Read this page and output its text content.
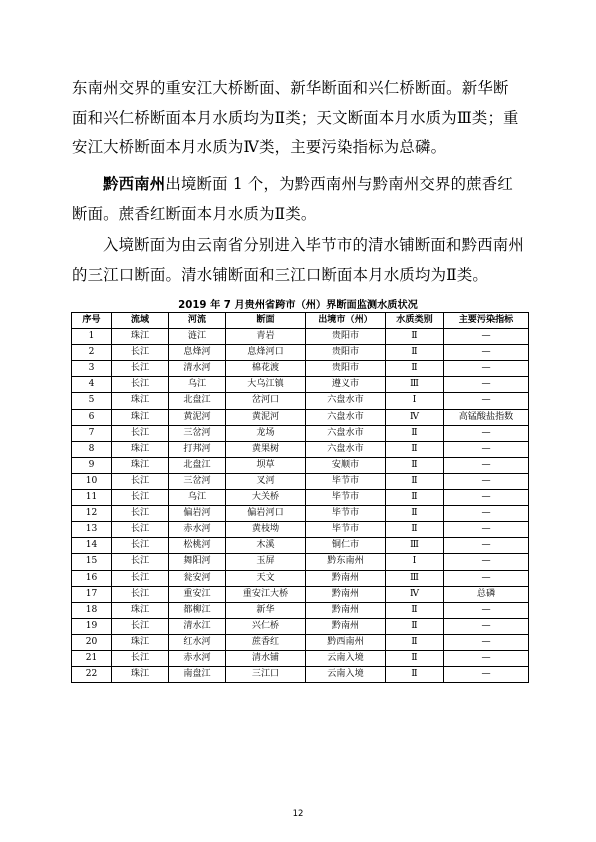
东南州交界的重安江大桥断面、新华断面和兴仁桥断面。新华断面和兴仁桥断面本月水质均为Ⅱ类；天文断面本月水质为Ⅲ类；重安江大桥断面本月水质为Ⅳ类，主要污染指标为总磷。

黔西南州出境断面 1 个，为黔西南州与黔南州交界的蔗香红断面。蔗香红断面本月水质为Ⅱ类。

入境断面为由云南省分别进入毕节市的清水铺断面和黔西南州的三江口断面。清水铺断面和三江口断面本月水质均为Ⅱ类。

2019 年 7 月贵州省跨市（州）界断面监测水质状况
序号	流域	河流	断面	出境市（州）	水质类别	主要污染指标
1	珠江	涟江	青岩	贵阳市	Ⅱ	—
2	长江	息烽河	息烽河口	贵阳市	Ⅱ	—
3	长江	清水河	棉花渡	贵阳市	Ⅱ	—
4	长江	乌江	大乌江镇	遵义市	Ⅲ	—
5	珠江	北盘江	岔河口	六盘水市	Ⅰ	—
6	珠江	黄泥河	黄泥河	六盘水市	Ⅳ	高锰酸盐指数
7	长江	三岔河	龙场	六盘水市	Ⅱ	—
8	珠江	打邦河	黄果树	六盘水市	Ⅱ	—
9	珠江	北盘江	坝草	安顺市	Ⅱ	—
10	长江	三岔河	叉河	毕节市	Ⅱ	—
11	长江	乌江	大关桥	毕节市	Ⅱ	—
12	长江	偏岩河	偏岩河口	毕节市	Ⅱ	—
13	长江	赤水河	黄枝坳	毕节市	Ⅱ	—
14	长江	松桃河	木溪	铜仁市	Ⅲ	—
15	长江	舞阳河	玉屏	黔东南州	Ⅰ	—
16	长江	瓮安河	天文	黔南州	Ⅲ	—
17	长江	重安江	重安江大桥	黔南州	Ⅳ	总磷
18	珠江	都柳江	新华	黔南州	Ⅱ	—
19	长江	清水江	兴仁桥	黔南州	Ⅱ	—
20	珠江	红水河	蔗香红	黔西南州	Ⅱ	—
21	长江	赤水河	清水铺	云南入境	Ⅱ	—
22	珠江	南盘江	三江口	云南入境	Ⅱ	—
12
